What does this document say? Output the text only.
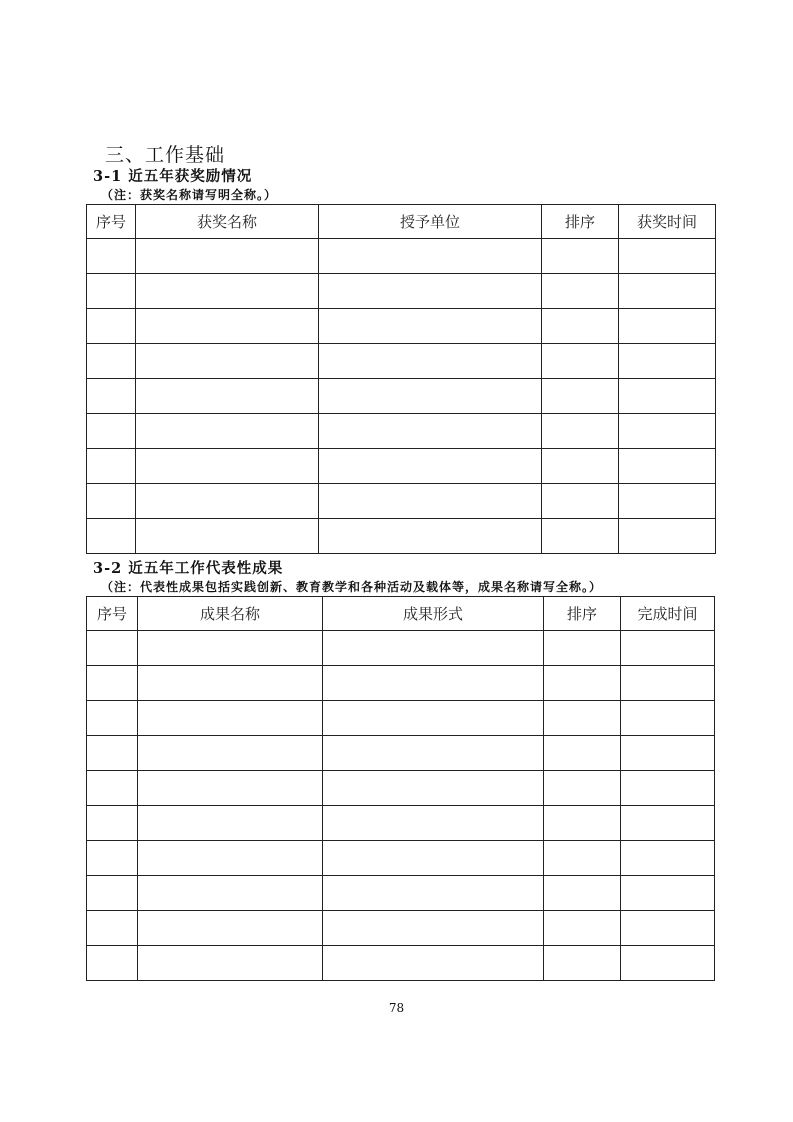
三、工作基础
3-1 近五年获奖励情况
（注：获奖名称请写明全称。）
序号	获奖名称	授予单位	排序	获奖时间

3-2 近五年工作代表性成果
（注：代表性成果包括实践创新、教育教学和各种活动及载体等，成果名称请写全称。）
序号	成果名称	成果形式	排序	完成时间

78
